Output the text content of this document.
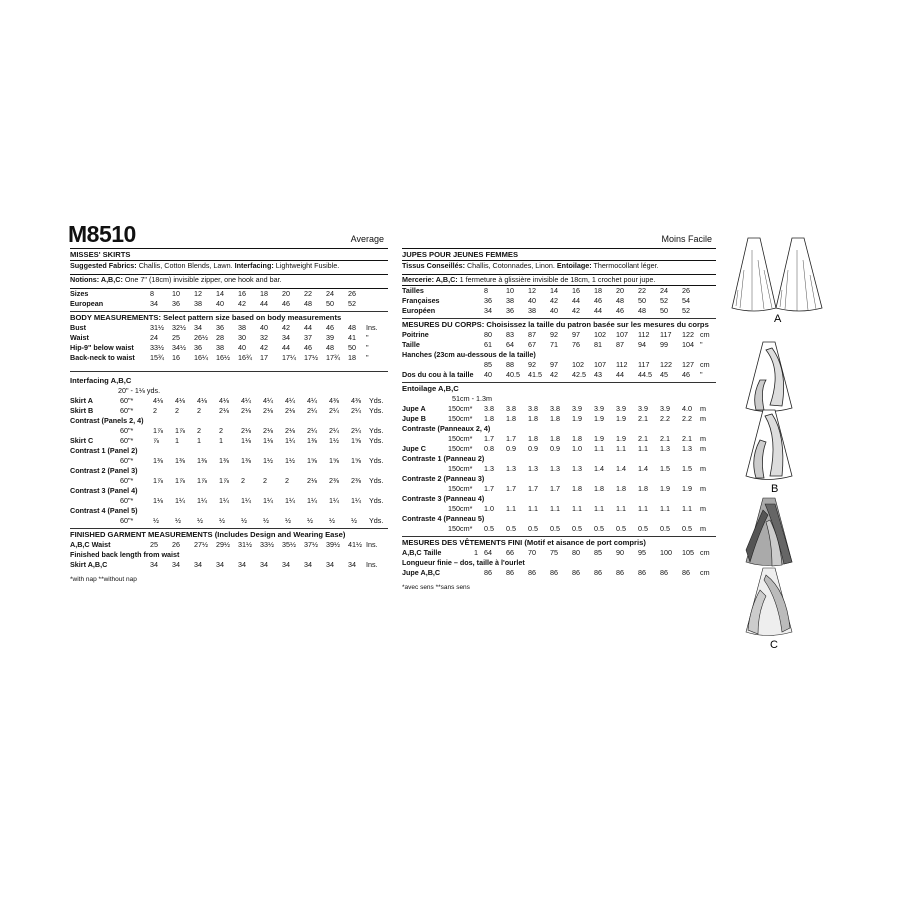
M8510	Average
MISSES' SKIRTS
Suggested Fabrics: Challis, Cotton Blends, Lawn. Interfacing: Lightweight Fusible.
Notions: A,B,C: One 7" (18cm) invisible zipper, one hook and bar.
Sizes	8	10 12 14 16 18 20 22 24 26
European	34 36 38 40 42 44 46 48 50 52
BODY MEASUREMENTS: Select pattern size based on body measurements
Bust	31½ 32½ 34 36 38 40 42 44 46 48 Ins.
Waist	24 25 26½ 28 30 32 34 37 39 41 "
Hip-9" below waist 33½ 34½ 36 38 40 42 44 46 48 50 "
Back-neck to waist 15¾ 16 16¼ 16½ 16¾ 17 17¼ 17½ 17¾ 18 "
Interfacing A,B,C
20" - 1⅛ yds.
Skirt A	60"*	4⅛ 4⅛ 4⅛ 4⅛ 4¼ 4¼ 4¼ 4¼ 4⅜ 4⅜ Yds.
Skirt B	60"*	2	2	2	2⅛ 2⅛ 2⅛ 2⅛ 2¼ 2¼ 2¼ Yds.
Contrast (Panels 2, 4)
60"*	1⅞ 1⅞ 2	2	2⅛ 2⅛ 2⅛ 2¼ 2¼ 2¼ Yds.
Skirt C	60"*	⅞ 1	1	1	1⅛ 1⅛ 1¼ 1⅜ 1½ 1⅝ Yds.
Contrast 1 (Panel 2)
60"*	1⅜ 1⅜ 1⅜ 1⅜ 1⅜ 1½ 1½ 1⅝ 1⅝ 1⅝ Yds.
Contrast 2 (Panel 3)
60"*	1⅞ 1⅞ 1⅞ 1⅞ 2	2	2	2⅛ 2⅜ 2⅜ Yds.
Contrast 3 (Panel 4)
60"*	1⅛ 1¼ 1¼ 1¼ 1¼ 1¼ 1¼ 1¼ 1¼ 1¼ Yds.
Contrast 4 (Panel 5)
60"*	½ ½ ½ ½ ½ ½ ½ ½ ½ ½ Yds.
FINISHED GARMENT MEASUREMENTS (Includes Design and Wearing Ease)
A,B,C Waist	25 26 27½ 29½ 31½ 33½ 35½ 37½ 39½ 41½ Ins.
Finished back length from waist
Skirt A,B,C	34 34 34 34 34 34 34 34 34 34 Ins.
*with nap **without nap
Moins Facile
JUPES POUR JEUNES FEMMES
Tissus Conseillés: Challis, Cotonnades, Linon. Entoilage: Thermocollant léger.
Mercerie: A,B,C: 1 fermeture à glissière invisible de 18cm, 1 crochet pour jupe.
Tailles	8	10 12 14 16 18 20 22 24 26
Françaises	36 38 40 42 44 46 48 50 52 54
Européen	34 36 38 40 42 44 46 48 50 52
MESURES DU CORPS: Choisissez la taille du patron basée sur les mesures du corps
Poitrine	80 83 87 92 97 102 107 112 117 122 cm
Taille	61 64 67 71 76 81 87 94 99 104 "
Hanches (23cm au-dessous de la taille)
85 88 92 97 102 107 112 117 122 127 cm
Dos du cou à la taille 40 40.5 41.5 42 42.5 43 44 44.5 45 46 "
Entoilage A,B,C
51cm - 1.3m
Jupe A	150cm* 3.8 3.8 3.8 3.8 3.9 3.9 3.9 3.9 3.9 4.0 m
Jupe B	150cm* 1.8 1.8 1.8 1.8 1.9 1.9 1.9 2.1 2.2 2.2 m
Contraste (Panneaux 2, 4)
150cm* 1.7 1.7 1.8 1.8 1.8 1.9 1.9 2.1 2.1 2.1 m
Jupe C	150cm* 0.8 0.9 0.9 0.9 1.0 1.1 1.1 1.1 1.3 1.3 m
Contraste 1 (Panneau 2)
150cm* 1.3 1.3 1.3 1.3 1.3 1.4 1.4 1.4 1.5 1.5 m
Contraste 2 (Panneau 3)
150cm* 1.7 1.7 1.7 1.7 1.8 1.8 1.8 1.8 1.9 1.9 m
Contraste 3 (Panneau 4)
150cm* 1.0 1.1 1.1 1.1 1.1 1.1 1.1 1.1 1.1 1.1 m
Contraste 4 (Panneau 5)
150cm* 0.5 0.5 0.5 0.5 0.5 0.5 0.5 0.5 0.5 0.5 m
MESURES DES VÊTEMENTS FINI (Motif et aisance de port compris)
A,B,C Taille	1 64 66 70 75 80 85 90 95 100 105 cm
Longueur finie – dos, taille à l'ourlet
Jupe A,B,C	86 86 86 86 86 86 86 86 86 86 cm
*avec sens **sans sens
A
B
C
